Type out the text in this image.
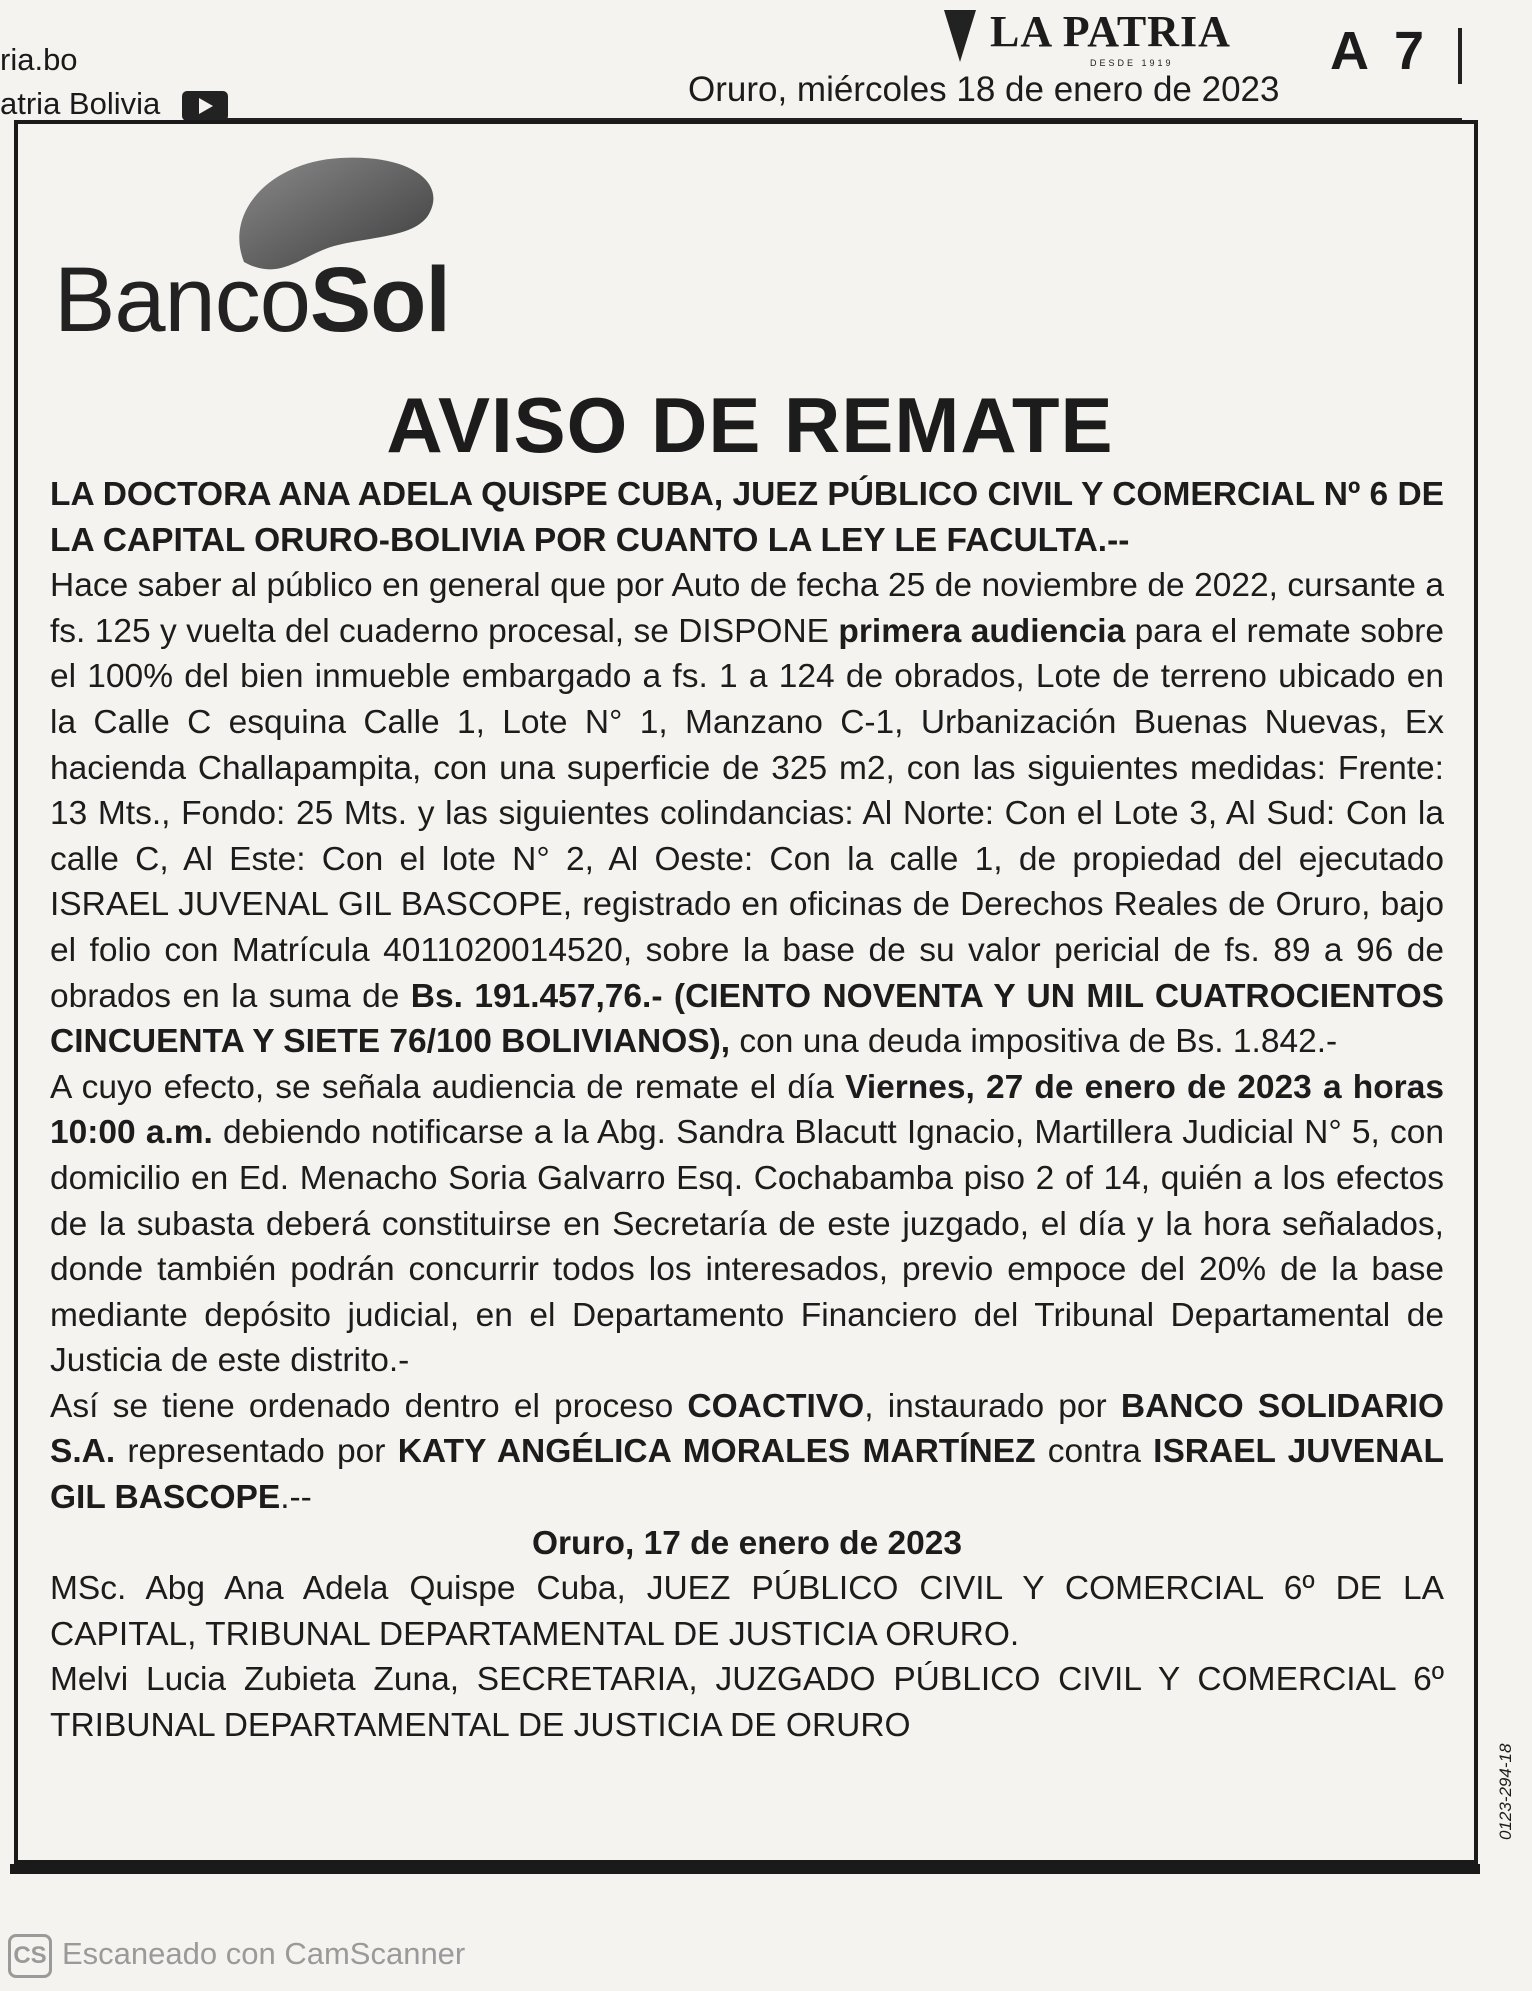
ria.bo
atria Bolivia
LA PATRIA
DESDE 1919	A 7
Oruro, miércoles 18 de enero de 2023
BancoSol
AVISO DE REMATE

LA DOCTORA ANA ADELA QUISPE CUBA, JUEZ PÚBLICO CIVIL Y COMERCIAL Nº 6 DE LA CAPITAL ORURO-BOLIVIA POR CUANTO LA LEY LE FACULTA.--

Hace saber al público en general que por Auto de fecha 25 de noviembre de 2022, cursante a fs. 125 y vuelta del cuaderno procesal, se DISPONE primera audiencia para el remate sobre el 100% del bien inmueble embargado a fs. 1 a 124 de obrados, Lote de terreno ubicado en la Calle C esquina Calle 1, Lote N° 1, Manzano C-1, Urbanización Buenas Nuevas, Ex hacienda Challapampita, con una superficie de 325 m2, con las siguientes medidas: Frente: 13 Mts., Fondo: 25 Mts. y las siguientes colindancias: Al Norte: Con el Lote 3, Al Sud: Con la calle C, Al Este: Con el lote N° 2, Al Oeste: Con la calle 1, de propiedad del ejecutado ISRAEL JUVENAL GIL BASCOPE, registrado en oficinas de Derechos Reales de Oruro, bajo el folio con Matrícula 4011020014520, sobre la base de su valor pericial de fs. 89 a 96 de obrados en la suma de Bs. 191.457,76.- (CIENTO NOVENTA Y UN MIL CUATROCIENTOS CINCUENTA Y SIETE 76/100 BOLIVIANOS), con una deuda impositiva de Bs. 1.842.-

A cuyo efecto, se señala audiencia de remate el día Viernes, 27 de enero de 2023 a horas 10:00 a.m. debiendo notificarse a la Abg. Sandra Blacutt Ignacio, Martillera Judicial N° 5, con domicilio en Ed. Menacho Soria Galvarro Esq. Cochabamba piso 2 of 14, quién a los efectos de la subasta deberá constituirse en Secretaría de este juzgado, el día y la hora señalados, donde también podrán concurrir todos los interesados, previo empoce del 20% de la base mediante depósito judicial, en el Departamento Financiero del Tribunal Departamental de Justicia de este distrito.-

Así se tiene ordenado dentro el proceso COACTIVO, instaurado por BANCO SOLIDARIO S.A. representado por KATY ANGÉLICA MORALES MARTÍNEZ contra ISRAEL JUVENAL GIL BASCOPE.--

Oruro, 17 de enero de 2023

MSc. Abg Ana Adela Quispe Cuba, JUEZ PÚBLICO CIVIL Y COMERCIAL 6º DE LA CAPITAL, TRIBUNAL DEPARTAMENTAL DE JUSTICIA ORURO.

Melvi Lucia Zubieta Zuna, SECRETARIA, JUZGADO PÚBLICO CIVIL Y COMERCIAL 6º TRIBUNAL DEPARTAMENTAL DE JUSTICIA DE ORURO

0123-294-18
CS Escaneado con CamScanner
